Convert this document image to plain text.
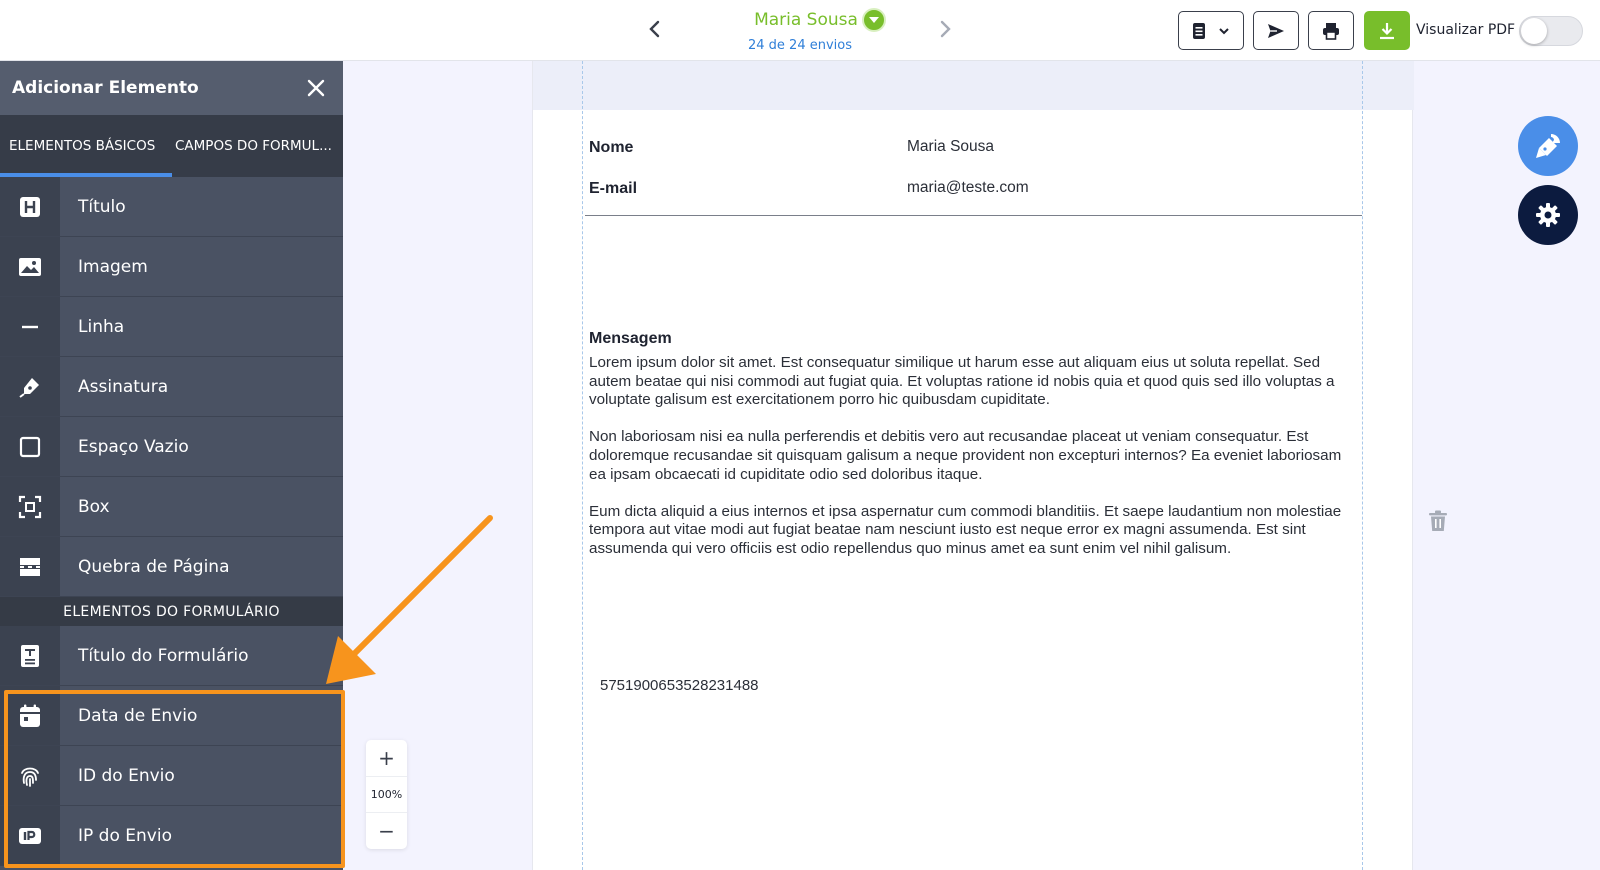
Maria Sousa
24 de 24 envios
Visualizar PDF
Adicionar Elemento
ELEMENTOS BÁSICOS	CAMPOS DO FORMUL...
Título
Imagem
Linha
Assinatura
Espaço Vazio
Box
Quebra de Página
ELEMENTOS DO FORMULÁRIO
Título do Formulário
Data de Envio
ID do Envio
IP do Envio
+
100%
−
Nome	Maria Sousa
E-mail	maria@teste.com
Mensagem

Lorem ipsum dolor sit amet. Est consequatur similique ut harum esse aut aliquam eius ut soluta repellat. Sed autem beatae qui nisi commodi aut fugiat quia. Et voluptas ratione id nobis quia et quod quis sed illo voluptas a voluptate galisum est exercitationem porro hic quibusdam cupiditate.

Non laboriosam nisi ea nulla perferendis et debitis vero aut recusandae placeat ut veniam consequatur. Est doloremque recusandae sit quisquam galisum a neque provident non excepturi internos? Ea eveniet laboriosam ea ipsam obcaecati id cupiditate odio sed doloribus itaque.

Eum dicta aliquid a eius internos et ipsa aspernatur cum commodi blanditiis. Et saepe laudantium non molestiae tempora aut vitae modi aut fugiat beatae nam nesciunt iusto est neque error ex magni assumenda. Est sint assumenda qui vero officiis est odio repellendus quo minus amet ea sunt enim vel nihil galisum.

5751900653528231488
